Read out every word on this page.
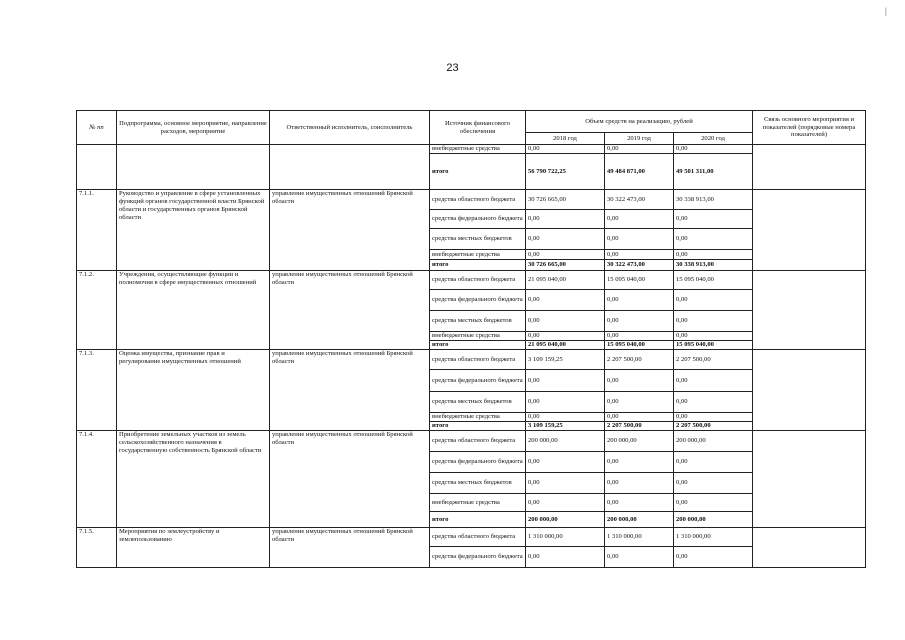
23
|
№ пп	Подпрограмма, основное мероприятие, направление расходов, мероприятие	Ответственный исполнитель, соисполнитель	Источник финансового обеспечения	Объем средств на реализацию, рублей			Связь основного мероприятия и показателей (порядковые номера показателей)
				2018 год	2019 год	2020 год	
			внебюджетные средства	0,00	0,00	0,00	
			итого	56 790 722,25	49 484 871,00	49 501 311,00	
7.1.1.	Руководство и управление в сфере установленных функций органов государственной власти Брянской области и государственных органов Брянской области	управление имущественных отношений Брянской области	средства областного бюджета	30 726 665,00	30 322 473,00	30 338 913,00	
			средства федерального бюджета	0,00	0,00	0,00	
			средства местных бюджетов	0,00	0,00	0,00	
			внебюджетные средства	0,00	0,00	0,00	
			итого	30 726 665,00	30 322 473,00	30 338 913,00	
7.1.2.	Учреждения, осуществляющие функции и полномочия в сфере имущественных отношений	управление имущественных отношений Брянской области	средства областного бюджета	21 095 040,00	15 095 040,00	15 095 040,00	
			средства федерального бюджета	0,00	0,00	0,00	
			средства местных бюджетов	0,00	0,00	0,00	
			внебюджетные средства	0,00	0,00	0,00	
			итого	21 095 040,00	15 095 040,00	15 095 040,00	
7.1.3.	Оценка имущества, признание прав и регулирование имущественных отношений	управление имущественных отношений Брянской области	средства областного бюджета	3 109 159,25	2 207 500,00	2 207 500,00	
			средства федерального бюджета	0,00	0,00	0,00	
			средства местных бюджетов	0,00	0,00	0,00	
			внебюджетные средства	0,00	0,00	0,00	
			итого	3 109 159,25	2 207 500,00	2 207 500,00	
7.1.4.	Приобретение земельных участков из земель сельскохозяйственного назначения в государственную собственность Брянской области	управление имущественных отношений Брянской области	средства областного бюджета	200 000,00	200 000,00	200 000,00	
			средства федерального бюджета	0,00	0,00	0,00	
			средства местных бюджетов	0,00	0,00	0,00	
			внебюджетные средства	0,00	0,00	0,00	
			итого	200 000,00	200 000,00	200 000,00	
7.1.5.	Мероприятия по землеустройству и землепользованию	управление имущественных отношений Брянской области	средства областного бюджета	1 310 000,00	1 310 000,00	1 310 000,00	
			средства федерального бюджета	0,00	0,00	0,00	
